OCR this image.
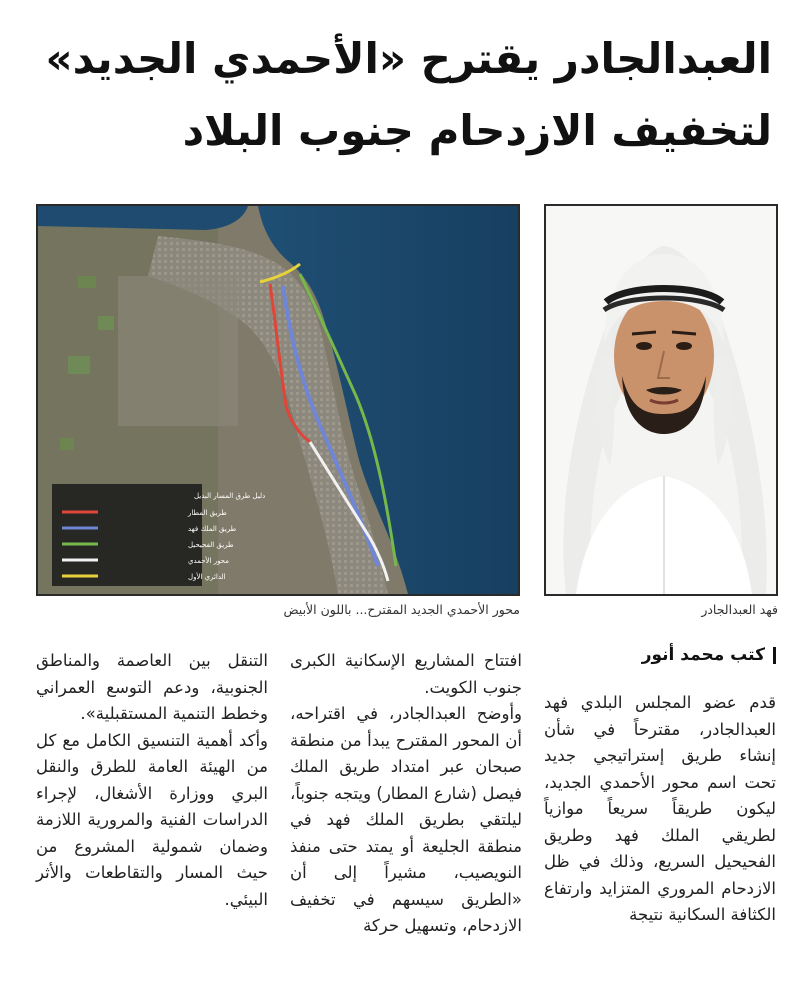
العبدالجادر يقترح «الأحمدي الجديد»
لتخفيف الازدحام جنوب البلاد
فهد العبدالجادر
دليل طرق المسار البديل
طريق المطار
طريق الملك فهد
طريق الفحيحيل
محور الأحمدي
الدائري الأول
محور الأحمدي الجديد المقترح... باللون الأبيض
كتب محمد أنور

قدم عضو المجلس البلدي فهد العبدالجادر، مقترحاً في شأن إنشاء طريق إستراتيجي جديد تحت اسم محور الأحمدي الجديد، ليكون طريقاً سريعاً موازياً لطريقي الملك فهد وطريق الفحيحيل السريع، وذلك في ظل الازدحام المروري المتزايد وارتفاع الكثافة السكانية نتيجة

افتتاح المشاريع الإسكانية الكبرى جنوب الكويت.

وأوضح العبدالجادر، في اقتراحه، أن المحور المقترح يبدأ من منطقة صبحان عبر امتداد طريق الملك فيصل (شارع المطار) ويتجه جنوباً، ليلتقي بطريق الملك فهد في منطقة الجليعة أو يمتد حتى منفذ النويصيب، مشيراً إلى أن «الطريق سيسهم في تخفيف الازدحام، وتسهيل حركة

التنقل بين العاصمة والمناطق الجنوبية، ودعم التوسع العمراني وخطط التنمية المستقبلية».

وأكد أهمية التنسيق الكامل مع كل من الهيئة العامة للطرق والنقل البري ووزارة الأشغال، لإجراء الدراسات الفنية والمرورية اللازمة وضمان شمولية المشروع من حيث المسار والتقاطعات والأثر البيئي.
